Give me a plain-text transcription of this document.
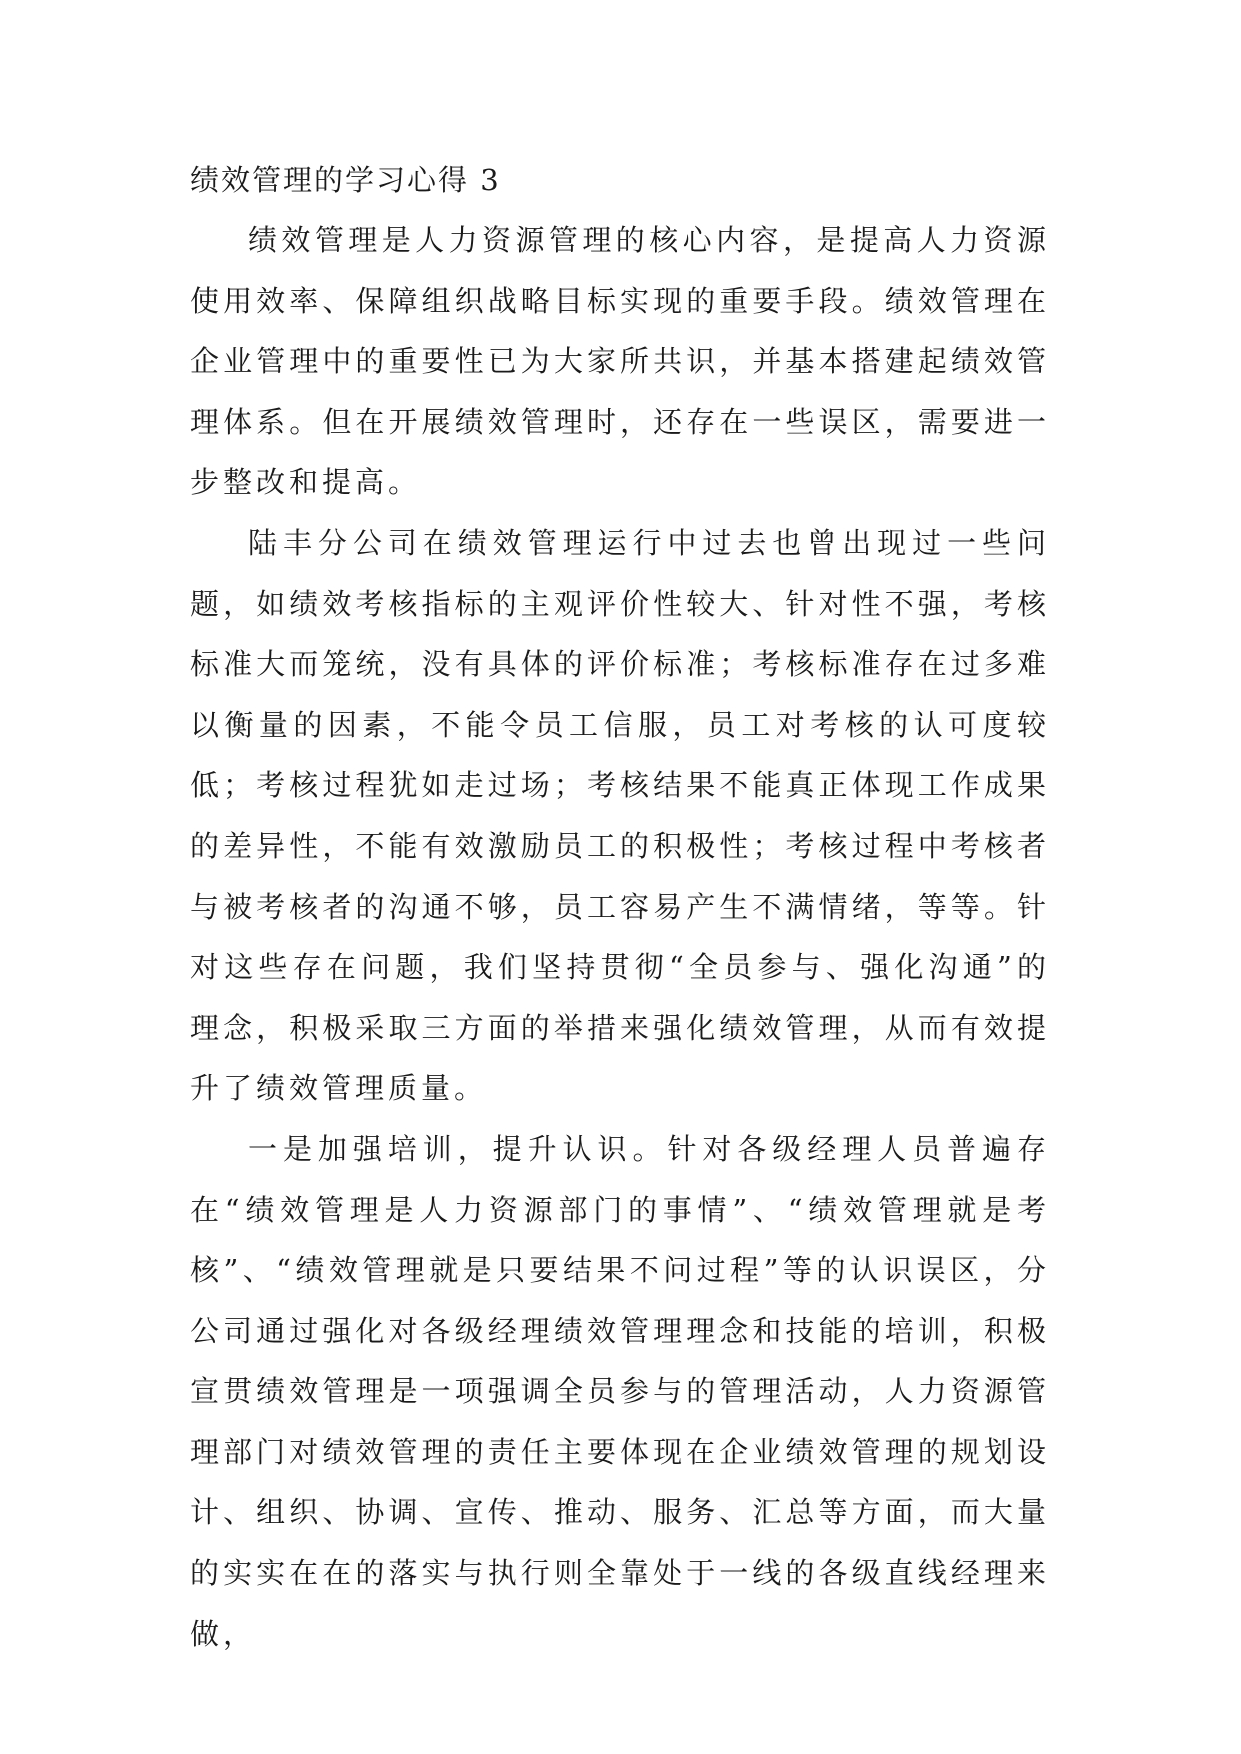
绩效管理的学习心得 3

绩效管理是人力资源管理的核心内容，是提高人力资源使用效率、保障组织战略目标实现的重要手段。绩效管理在企业管理中的重要性已为大家所共识，并基本搭建起绩效管理体系。但在开展绩效管理时，还存在一些误区，需要进一步整改和提高。

陆丰分公司在绩效管理运行中过去也曾出现过一些问题，如绩效考核指标的主观评价性较大、针对性不强，考核标准大而笼统，没有具体的评价标准；考核标准存在过多难以衡量的因素，不能令员工信服，员工对考核的认可度较低；考核过程犹如走过场；考核结果不能真正体现工作成果的差异性，不能有效激励员工的积极性；考核过程中考核者与被考核者的沟通不够，员工容易产生不满情绪，等等。针对这些存在问题，我们坚持贯彻“全员参与、强化沟通”的理念，积极采取三方面的举措来强化绩效管理，从而有效提升了绩效管理质量。

一是加强培训，提升认识。针对各级经理人员普遍存在“绩效管理是人力资源部门的事情”、“绩效管理就是考核”、“绩效管理就是只要结果不问过程”等的认识误区，分公司通过强化对各级经理绩效管理理念和技能的培训，积极宣贯绩效管理是一项强调全员参与的管理活动，人力资源管理部门对绩效管理的责任主要体现在企业绩效管理的规划设计、组织、协调、宣传、推动、服务、汇总等方面，而大量的实实在在的落实与执行则全靠处于一线的各级直线经理来做，
